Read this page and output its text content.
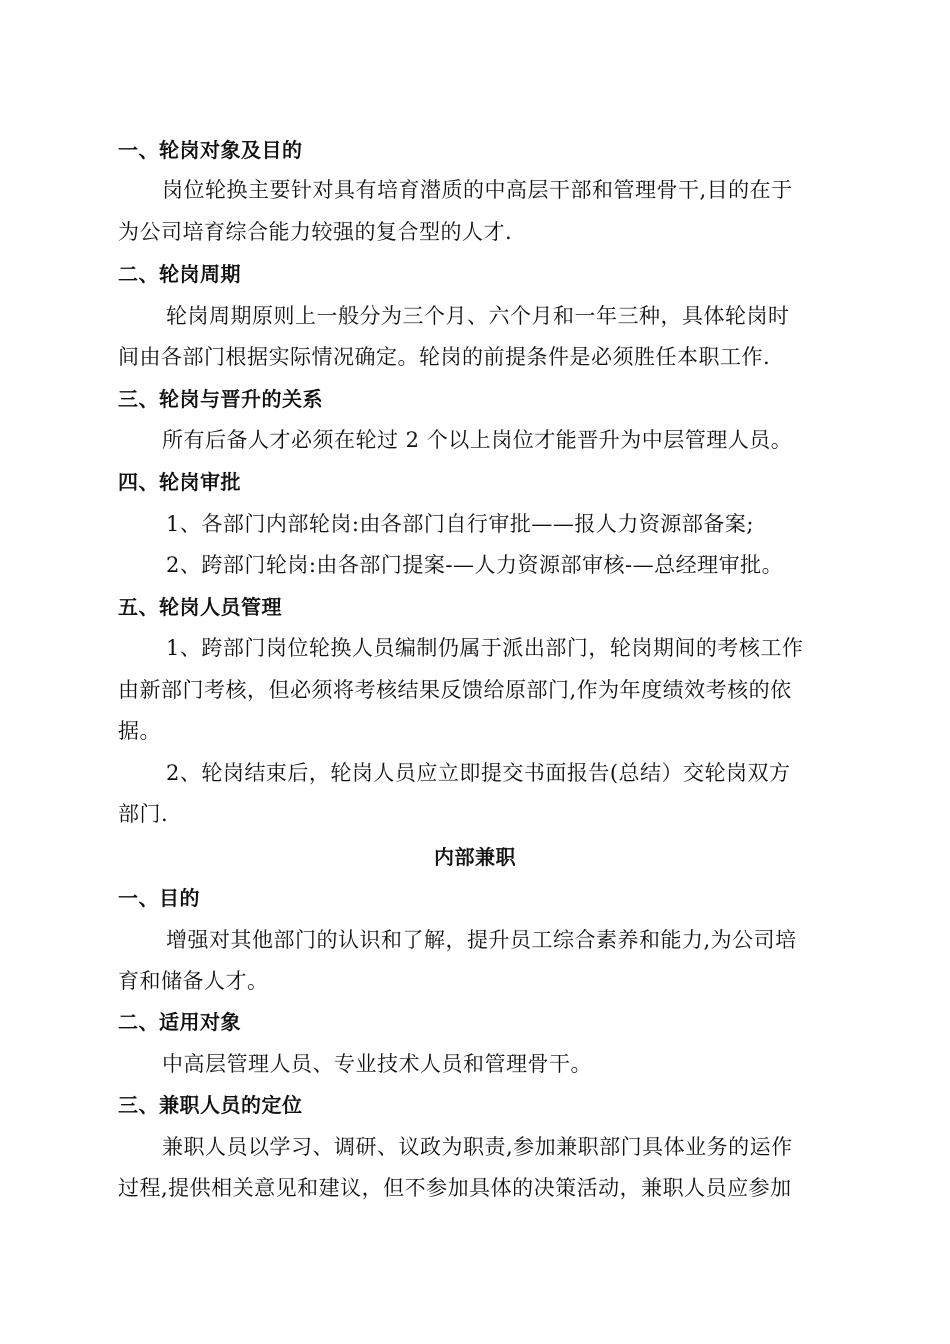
一、轮岗对象及目的
岗位轮换主要针对具有培育潜质的中高层干部和管理骨干,目的在于
为公司培育综合能力较强的复合型的人才.
二、轮岗周期
轮岗周期原则上一般分为三个月、六个月和一年三种，具体轮岗时
间由各部门根据实际情况确定。轮岗的前提条件是必须胜任本职工作.
三、轮岗与晋升的关系
所有后备人才必须在轮过 2 个以上岗位才能晋升为中层管理人员。
四、轮岗审批
1、各部门内部轮岗:由各部门自行审批——报人力资源部备案;
2、跨部门轮岗:由各部门提案-—人力资源部审核-—总经理审批。
五、轮岗人员管理
1、跨部门岗位轮换人员编制仍属于派出部门，轮岗期间的考核工作
由新部门考核，但必须将考核结果反馈给原部门,作为年度绩效考核的依
据。
2、轮岗结束后，轮岗人员应立即提交书面报告(总结）交轮岗双方
部门.
内部兼职
一、目的
增强对其他部门的认识和了解，提升员工综合素养和能力,为公司培
育和储备人才。
二、适用对象
中高层管理人员、专业技术人员和管理骨干。
三、兼职人员的定位
兼职人员以学习、调研、议政为职责,参加兼职部门具体业务的运作
过程,提供相关意见和建议，但不参加具体的决策活动，兼职人员应参加
